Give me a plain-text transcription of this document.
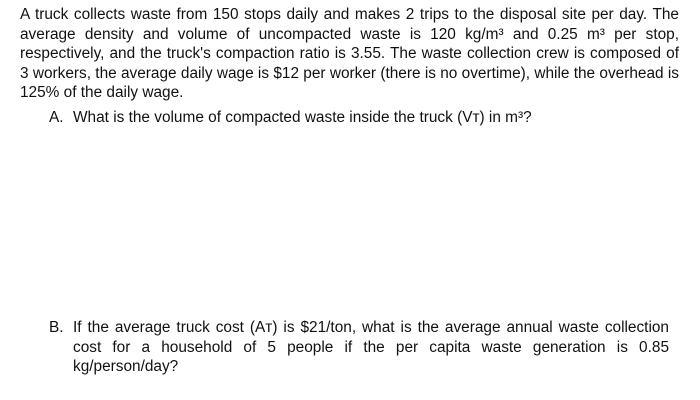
A truck collects waste from 150 stops daily and makes 2 trips to the disposal site per day. The average density and volume of uncompacted waste is 120 kg/m³ and 0.25 m³ per stop, respectively, and the truck's compaction ratio is 3.55. The waste collection crew is composed of 3 workers, the average daily wage is $12 per worker (there is no overtime), while the overhead is 125% of the daily wage.

A. What is the volume of compacted waste inside the truck (Vᴛ) in m³?
B. If the average truck cost (Aᴛ) is $21/ton, what is the average annual waste collection cost for a household of 5 people if the per capita waste generation is 0.85 kg/person/day?
